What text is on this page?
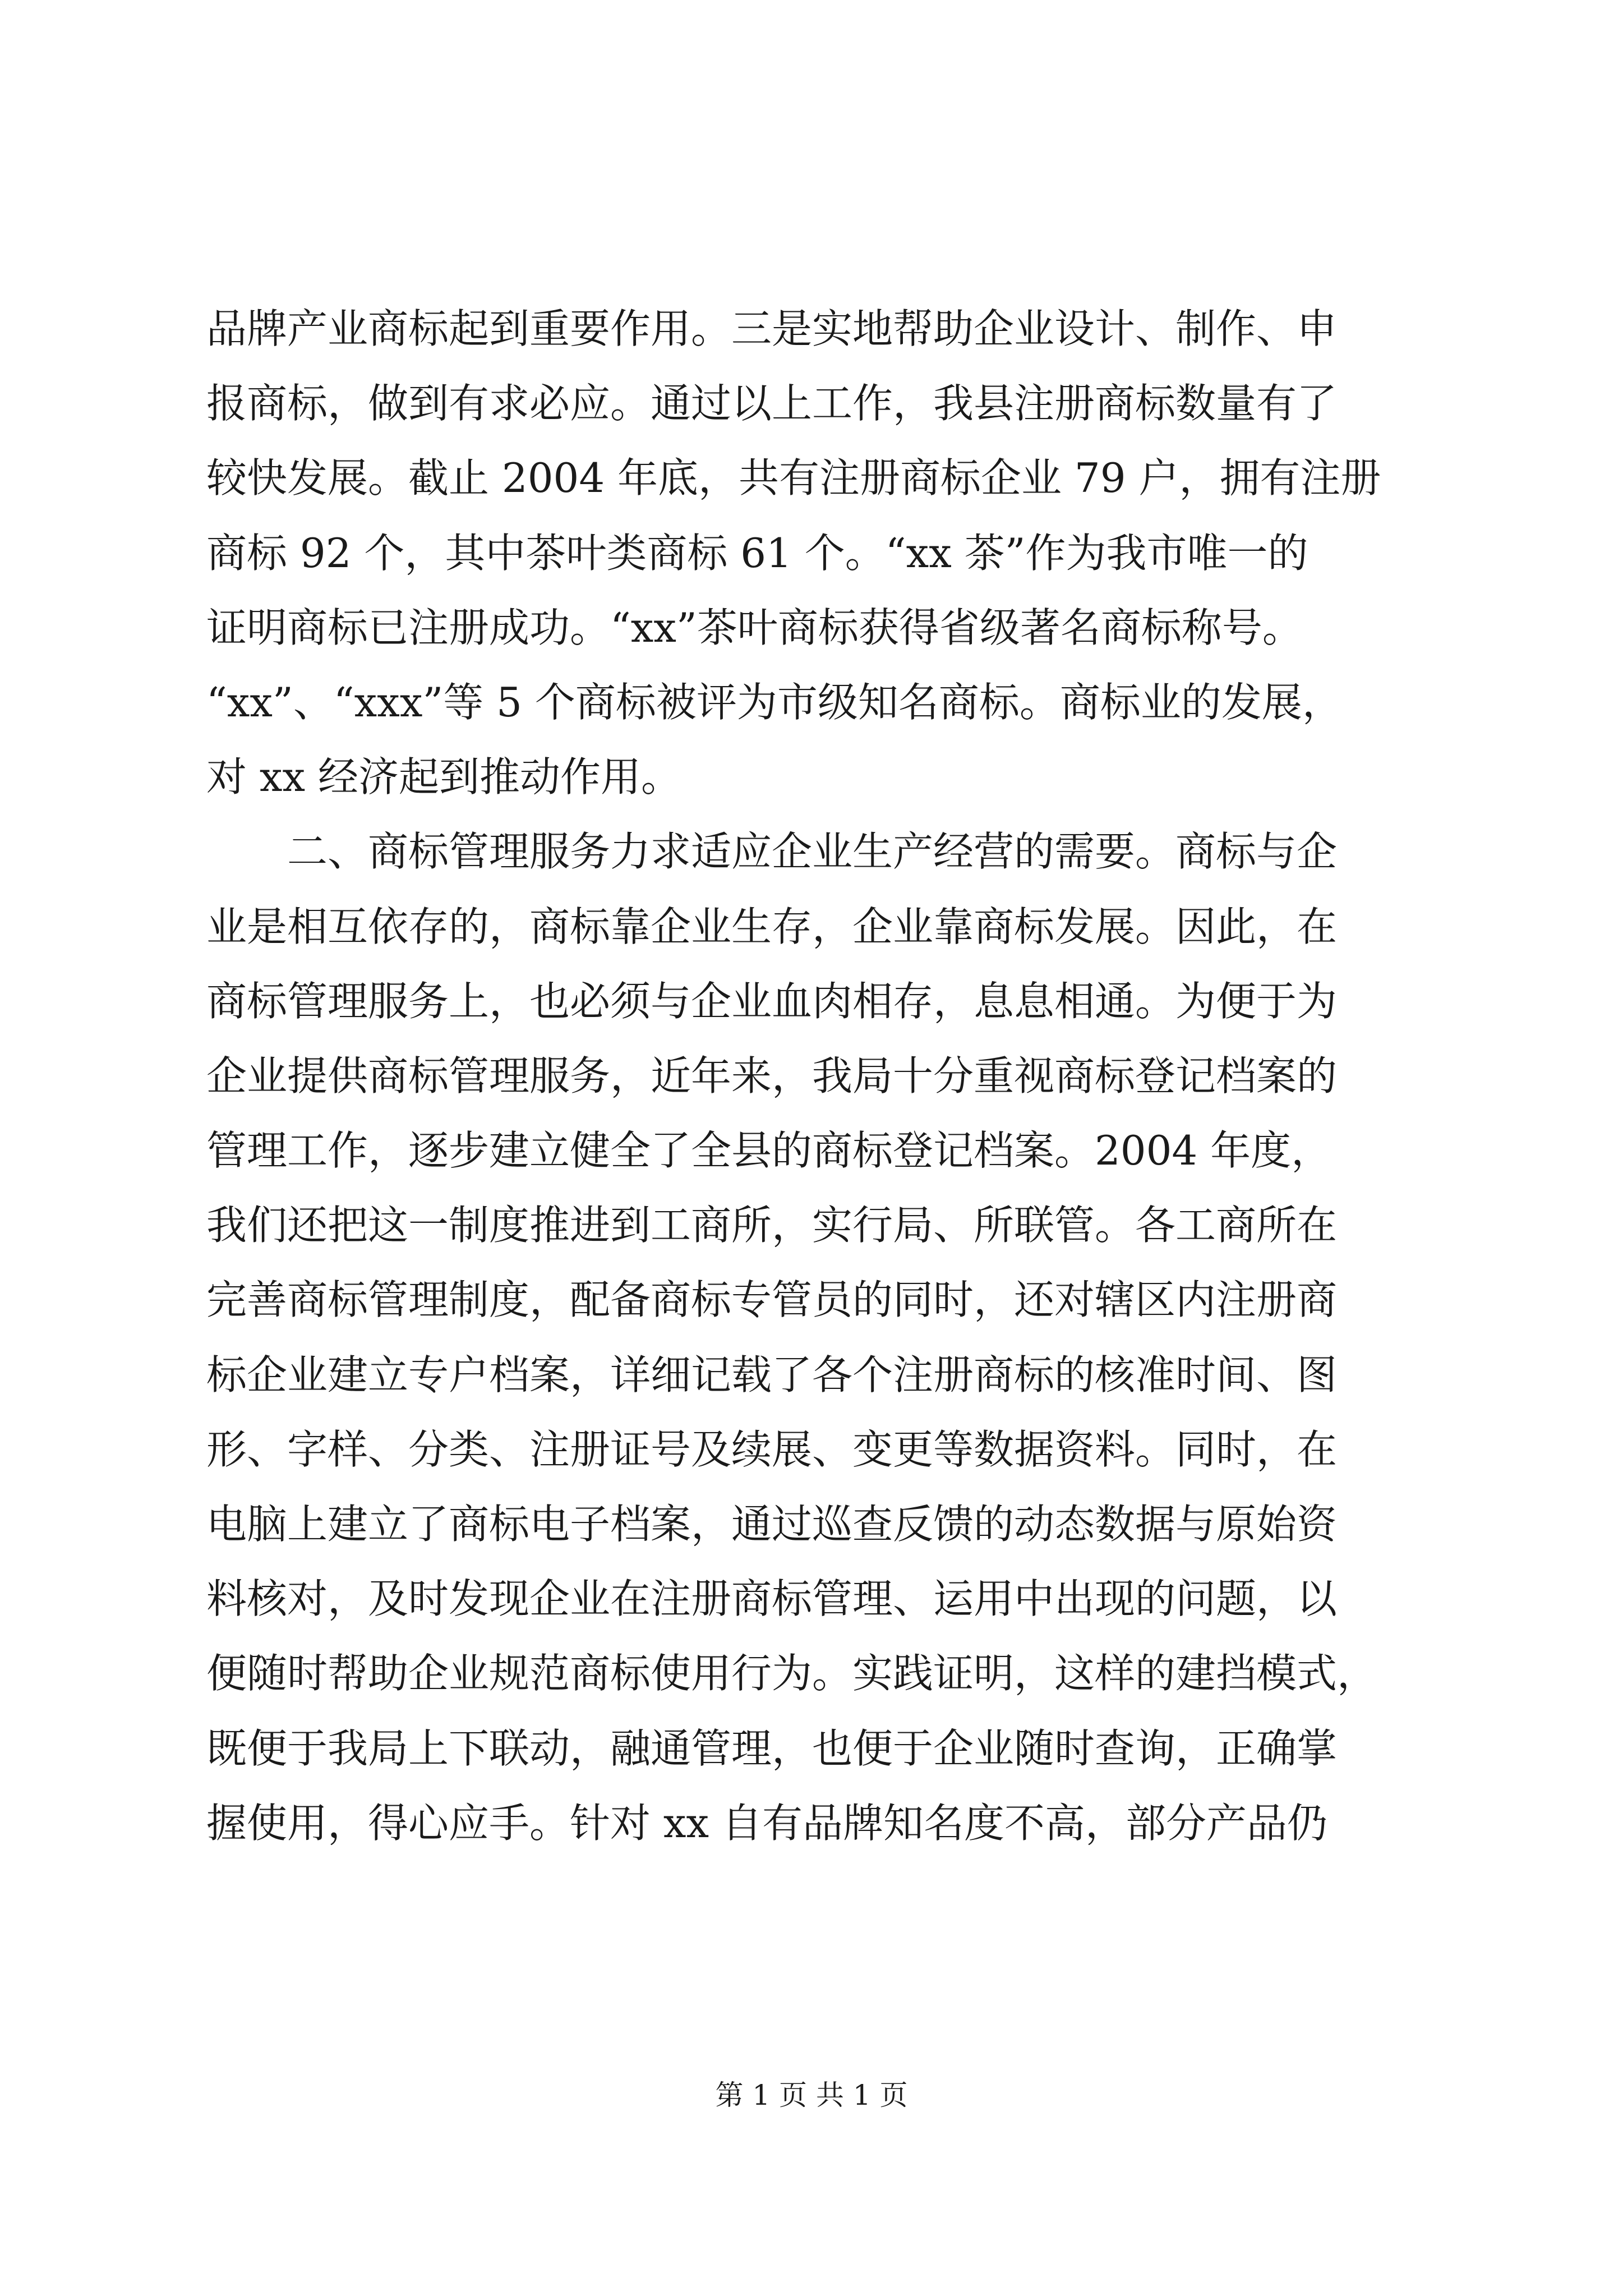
品牌产业商标起到重要作用。三是实地帮助企业设计、制作、申
报商标，做到有求必应。通过以上工作，我县注册商标数量有了
较快发展。截止 2004 年底，共有注册商标企业 79 户，拥有注册
商标 92 个，其中茶叶类商标 61 个。“xx 茶”作为我市唯一的
证明商标已注册成功。“xx”茶叶商标获得省级著名商标称号。
“xx”、“xxx”等 5 个商标被评为市级知名商标。商标业的发展，
对 xx 经济起到推动作用。
　　二、商标管理服务力求适应企业生产经营的需要。商标与企
业是相互依存的，商标靠企业生存，企业靠商标发展。因此，在
商标管理服务上，也必须与企业血肉相存，息息相通。为便于为
企业提供商标管理服务，近年来，我局十分重视商标登记档案的
管理工作，逐步建立健全了全县的商标登记档案。2004 年度，
我们还把这一制度推进到工商所，实行局、所联管。各工商所在
完善商标管理制度，配备商标专管员的同时，还对辖区内注册商
标企业建立专户档案，详细记载了各个注册商标的核准时间、图
形、字样、分类、注册证号及续展、变更等数据资料。同时，在
电脑上建立了商标电子档案，通过巡查反馈的动态数据与原始资
料核对，及时发现企业在注册商标管理、运用中出现的问题，以
便随时帮助企业规范商标使用行为。实践证明，这样的建挡模式，
既便于我局上下联动，融通管理，也便于企业随时查询，正确掌
握使用，得心应手。针对 xx 自有品牌知名度不高，部分产品仍
第 1 页 共 1 页
